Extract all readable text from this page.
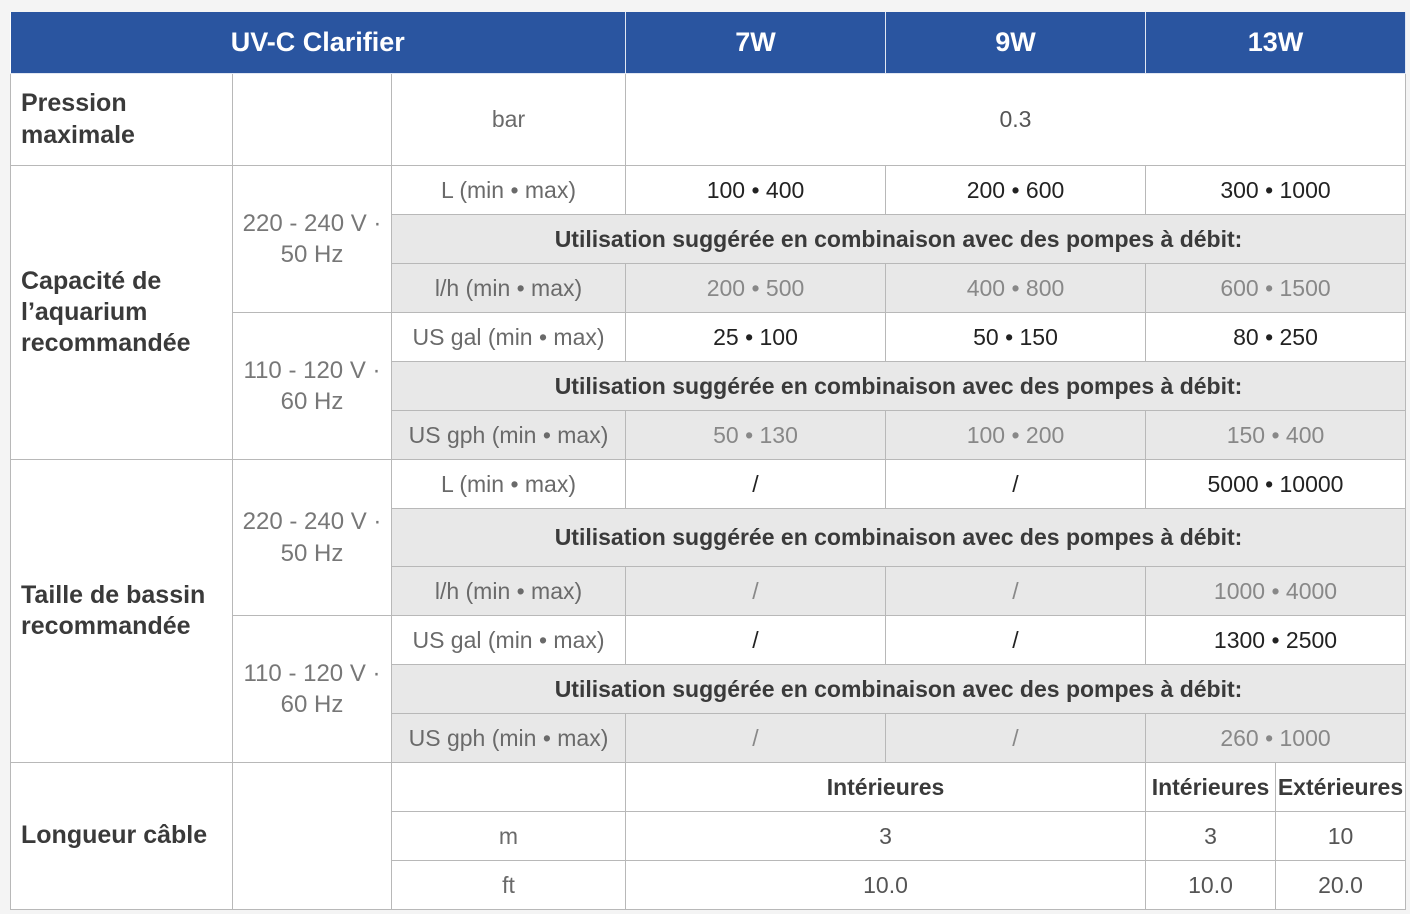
UV-C Clarifier			7W	9W	13W	
Pression maximale		bar	0.3			
Capacité de l’aquarium recommandée	220 - 240 V · 50 Hz	L (min • max)	100 • 400	200 • 600	300 • 1000	
		Utilisation suggérée en combinaison avec des pompes à débit:				
		l/h (min • max)	200 • 500	400 • 800	600 • 1500	
	110 - 120 V · 60 Hz	US gal (min • max)	25 • 100	50 • 150	80 • 250	
		Utilisation suggérée en combinaison avec des pompes à débit:				
		US gph (min • max)	50 • 130	100 • 200	150 • 400	
Taille de bassin recommandée	220 - 240 V · 50 Hz	L (min • max)	/	/	5000 • 10000	
		Utilisation suggérée en combinaison avec des pompes à débit:				
		l/h (min • max)	/	/	1000 • 4000	
	110 - 120 V · 60 Hz	US gal (min • max)	/	/	1300 • 2500	
		Utilisation suggérée en combinaison avec des pompes à débit:				
		US gph (min • max)	/	/	260 • 1000	
Longueur câble			Intérieures		Intérieures	Extérieures
		m	3		3	10
		ft	10.0		10.0	20.0
